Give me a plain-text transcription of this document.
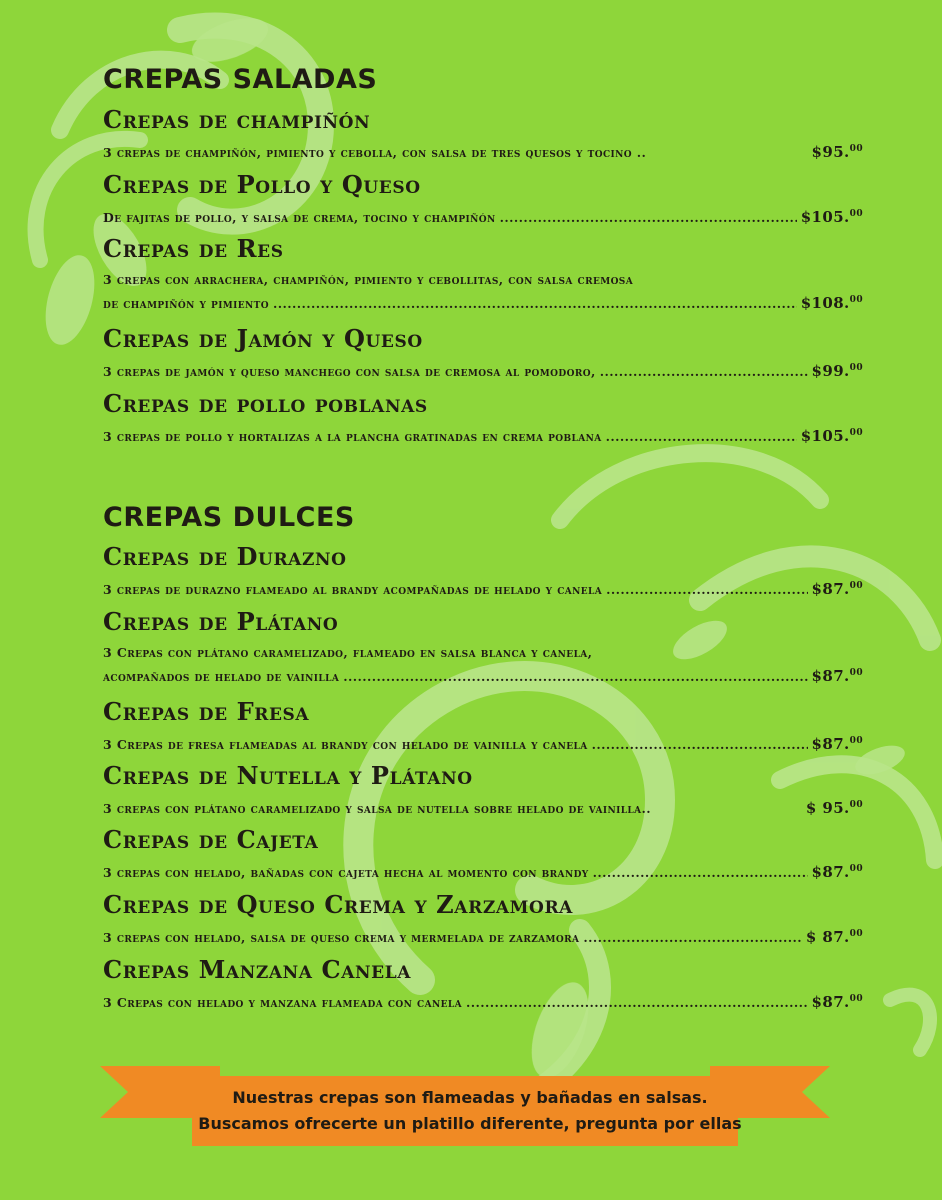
CREPAS SALADAS
Crepas de champiñón
3 crepas de champiñón, pimiento y cebolla, con salsa de tres quesos y tocino ..	$95.00
Crepas de Pollo y Queso
De fajitas de pollo, y salsa de crema, tocino y champiñón .....	$105.00
Crepas de Res
3 crepas con arrachera, champiñón, pimiento y cebollitas, con salsa cremosa
de champiñón y pimiento .....	$108.00
Crepas de Jamón y Queso
3 crepas de jamón y queso manchego con salsa de cremosa al pomodoro, .....	$99.00
Crepas de pollo poblanas
3 crepas de pollo y hortalizas a la plancha gratinadas en crema poblana .....	$105.00
CREPAS DULCES
Crepas de Durazno
3 crepas de durazno flameado al brandy acompañadas de helado y canela .....	$87.00
Crepas de Plátano
3 Crepas con plátano caramelizado, flameado en salsa blanca y canela,
acompañados de helado de vainilla .....	$87.00
Crepas de Fresa
3 Crepas de fresa flameadas al brandy con helado de vainilla y canela .....	$87.00
Crepas de Nutella y Plátano
3 crepas con plátano caramelizado y salsa de nutella sobre helado de vainilla..	$ 95.00
Crepas de Cajeta
3 crepas con helado, bañadas con cajeta hecha al momento con brandy .....	$87.00
Crepas de Queso Crema y Zarzamora
3 crepas con helado, salsa de queso crema y mermelada de zarzamora .....	$ 87.00
Crepas Manzana Canela
3 Crepas con helado y manzana flameada con canela .....	$87.00
Nuestras crepas son flameadas y bañadas en salsas.
Buscamos ofrecerte un platillo diferente, pregunta por ellas
